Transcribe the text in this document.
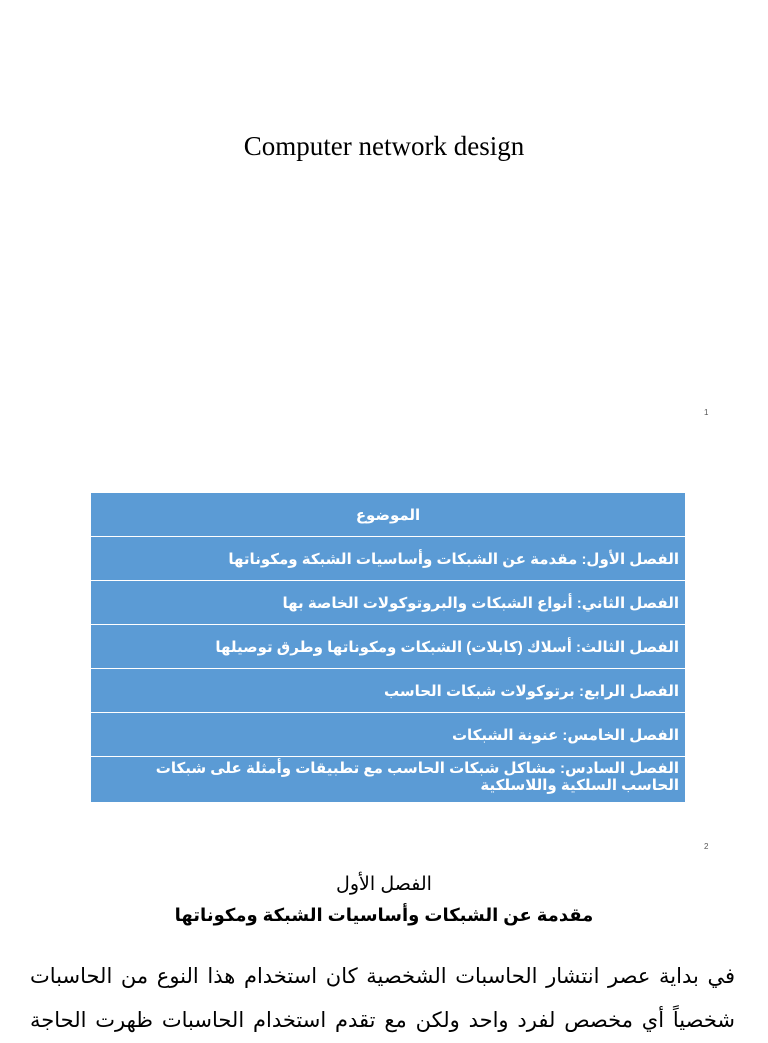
Computer network design
1
الموضوع
الفصل الأول: مقدمة عن الشبكات وأساسيات الشبكة ومكوناتها
الفصل الثاني: أنواع الشبكات والبروتوكولات الخاصة بها
الفصل الثالث: أسلاك (كابلات) الشبكات ومكوناتها وطرق توصيلها
الفصل الرابع: برتوكولات شبكات الحاسب
الفصل الخامس: عنونة الشبكات
الفصل السادس: مشاكل شبكات الحاسب مع تطبيقات وأمثلة على شبكات الحاسب السلكية واللاسلكية
2
الفصل الأول
مقدمة عن الشبكات وأساسيات الشبكة ومكوناتها
في بداية عصر انتشار الحاسبات الشخصية كان استخدام هذا النوع من الحاسبات شخصياً أي مخصص لفرد واحد ولكن مع تقدم استخدام الحاسبات ظهرت الحاجة
